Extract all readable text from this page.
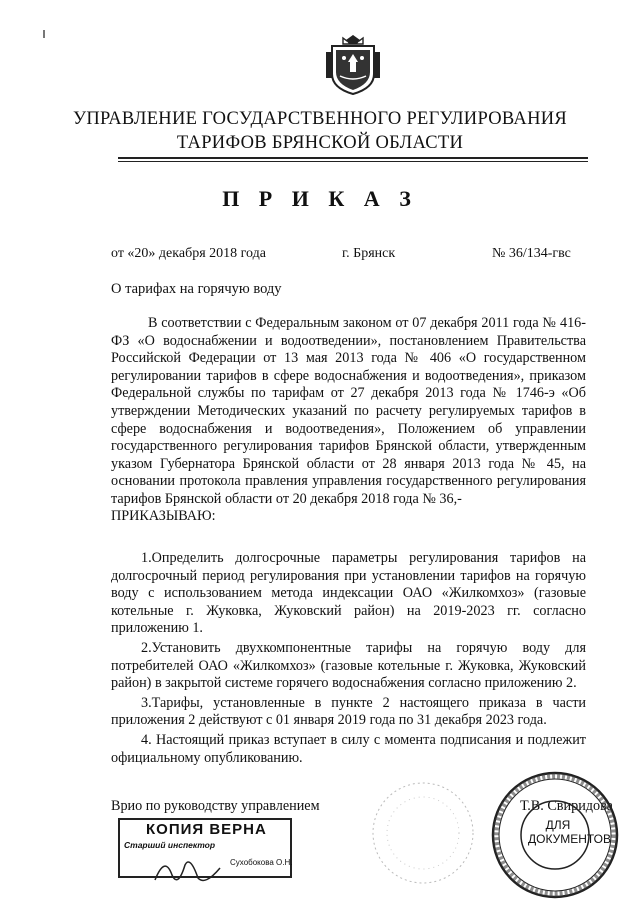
УПРАВЛЕНИЕ ГОСУДАРСТВЕННОГО РЕГУЛИРОВАНИЯ
ТАРИФОВ БРЯНСКОЙ ОБЛАСТИ
П Р И К А З
от «20» декабря 2018 года	г. Брянск	№ 36/134-гвс
О тарифах на горячую воду

В соответствии с Федеральным законом от 07 декабря 2011 года № 416-ФЗ «О водоснабжении и водоотведении», постановлением Правительства Российской Федерации от 13 мая 2013 года № 406 «О государственном регулировании тарифов в сфере водоснабжения и водоотведения», приказом Федеральной службы по тарифам от 27 декабря 2013 года № 1746-э «Об утверждении Методических указаний по расчету регулируемых тарифов в сфере водоснабжения и водоотведения», Положением об управлении государственного регулирования тарифов Брянской области, утвержденным указом Губернатора Брянской области от 28 января 2013 года № 45, на основании протокола правления управления государственного регулирования тарифов Брянской области от 20 декабря 2018 года № 36,-

ПРИКАЗЫВАЮ:

1.Определить долгосрочные параметры регулирования тарифов на долгосрочный период регулирования при установлении тарифов на горячую воду с использованием метода индексации ОАО «Жилкомхоз» (газовые котельные г. Жуковка, Жуковский район) на 2019-2023 гг. согласно приложению 1.

2.Установить двухкомпонентные тарифы на горячую воду для потребителей ОАО «Жилкомхоз» (газовые котельные г. Жуковка, Жуковский район) в закрытой системе горячего водоснабжения согласно приложению 2.

3.Тарифы, установленные в пункте 2 настоящего приказа в части приложения 2 действуют с 01 января 2019 года по 31 декабря 2023 года.

4. Настоящий приказ вступает в силу с момента подписания и подлежит официальному опубликованию.

Врио по руководству управлением	Т.В. Свиридова
ДЛЯ ДОКУМЕНТОВ
КОПИЯ ВЕРНА
Старший инспектор
Сухобокова О.Н.
